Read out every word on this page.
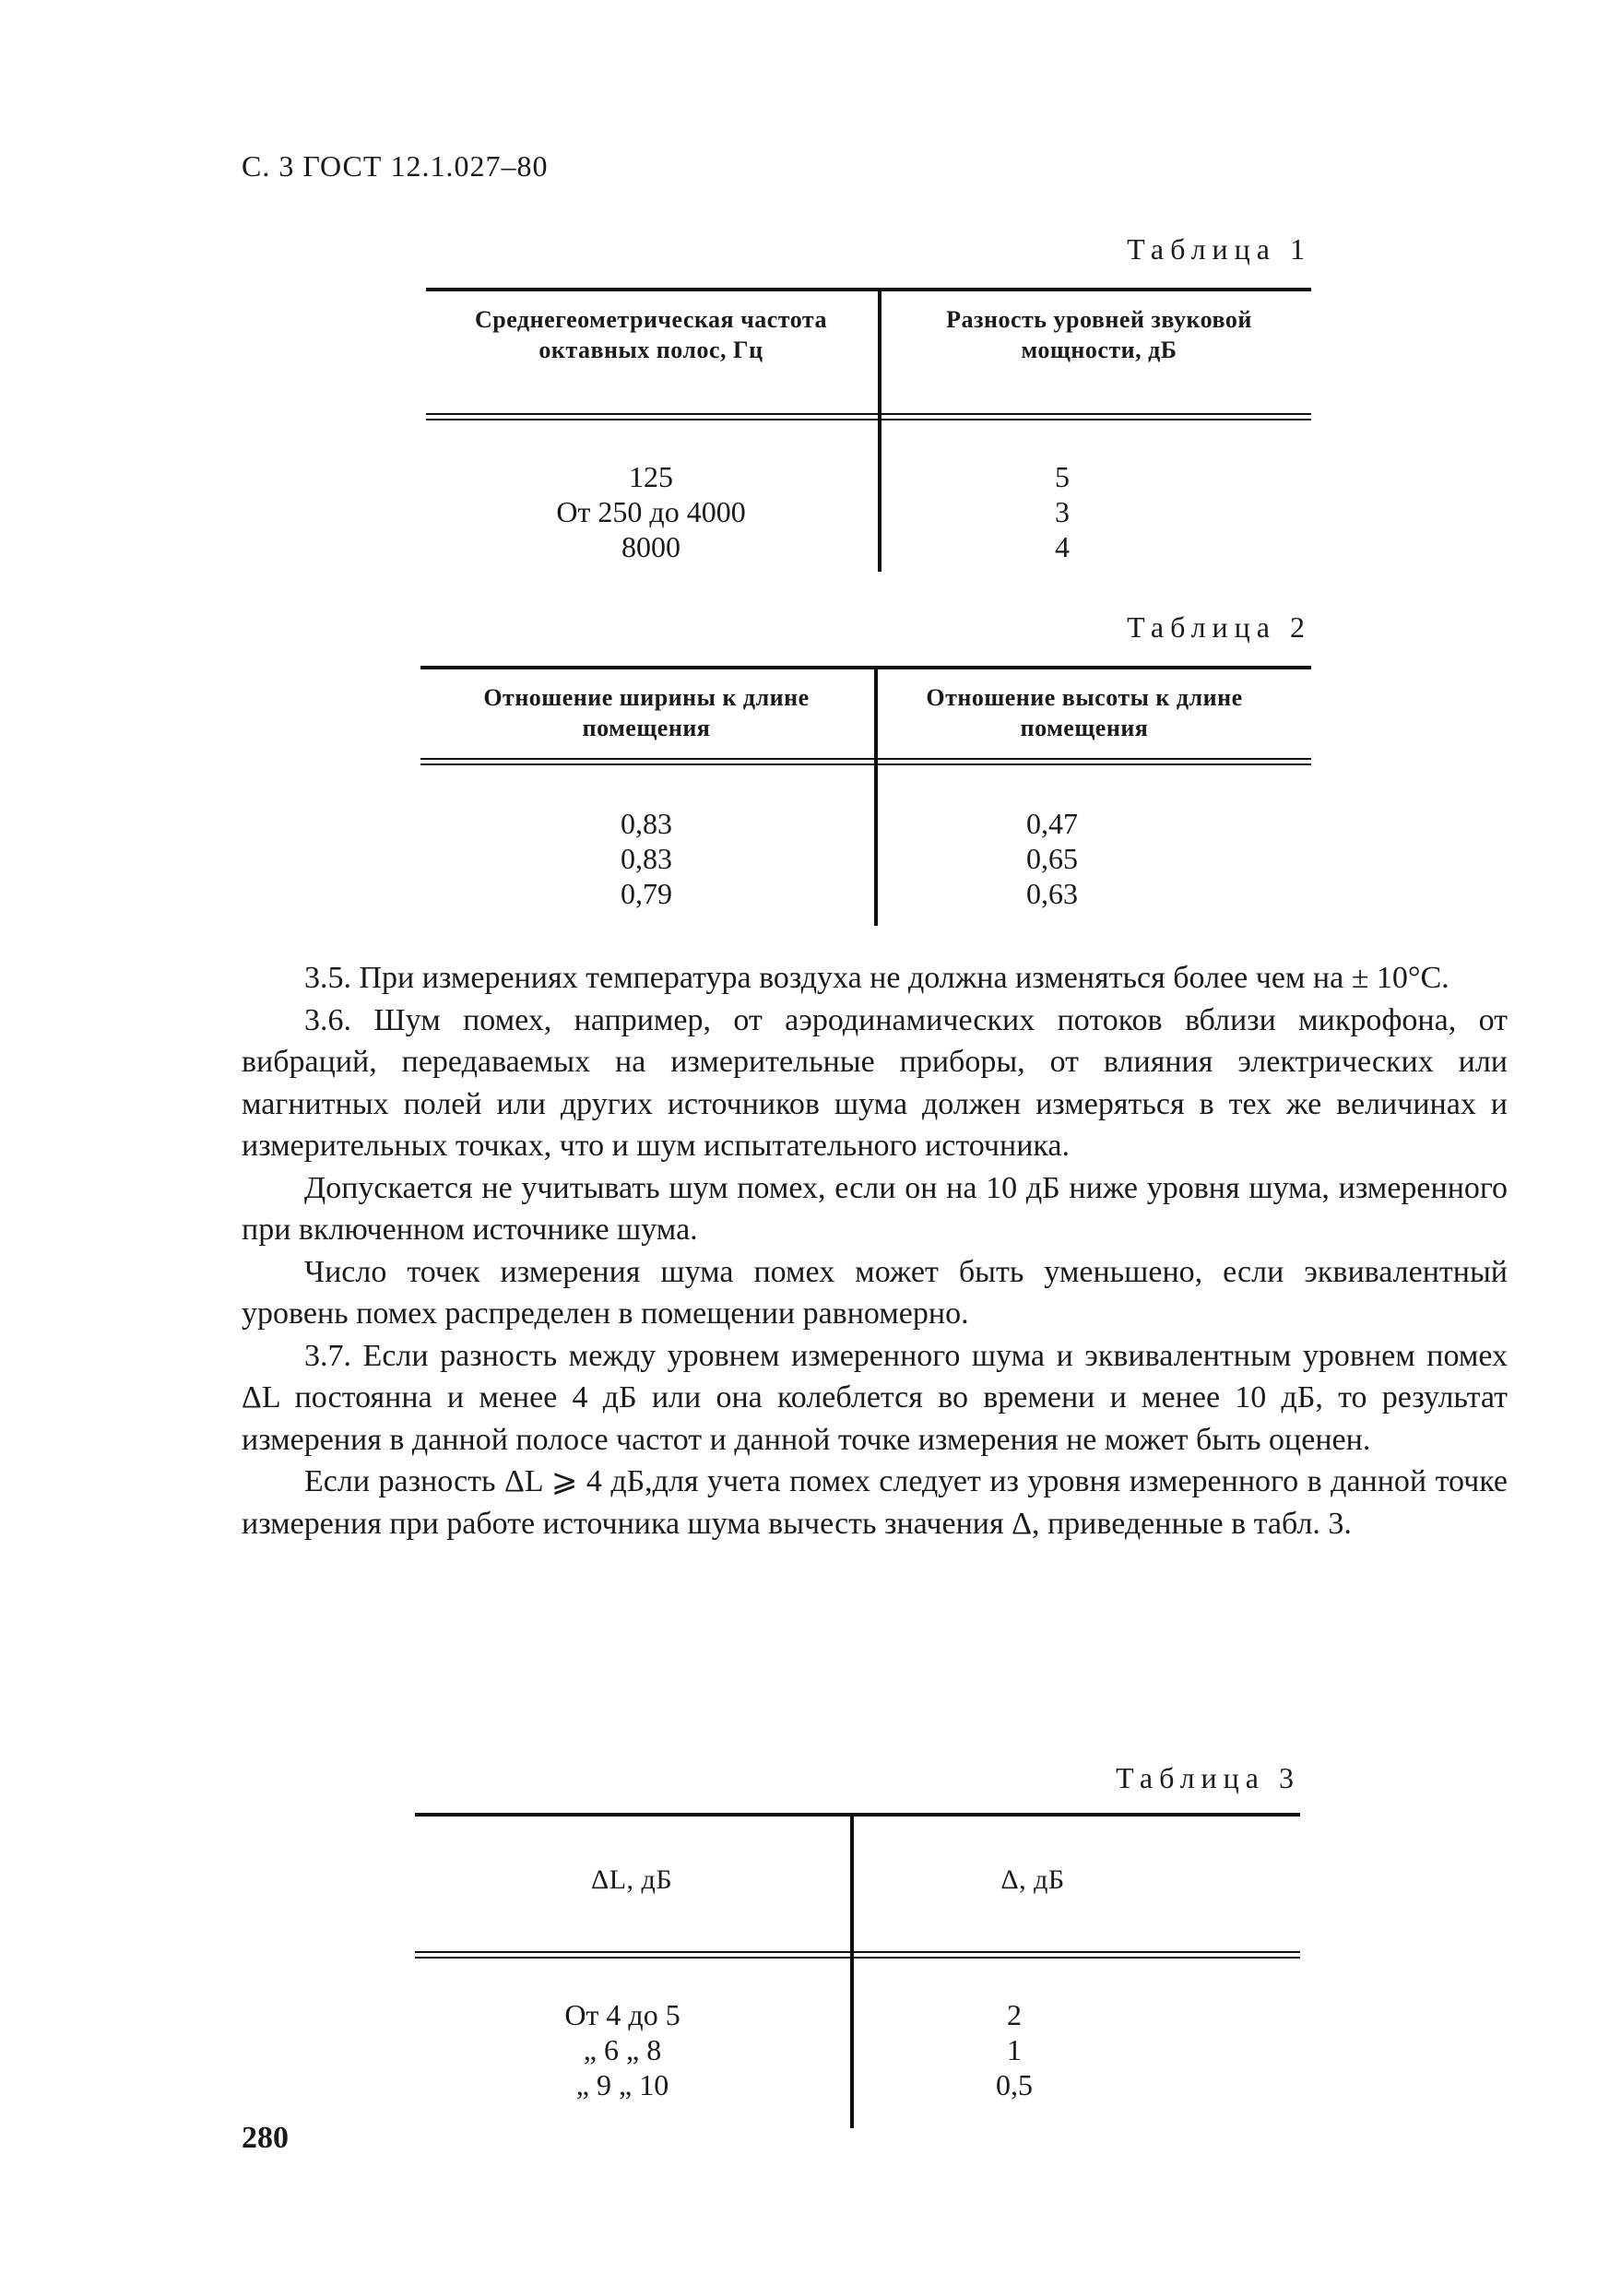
С. 3 ГОСТ 12.1.027–80
Таблица 1
Среднегеометрическая частота октавных полос, Гц
Разность уровней звуковой мощности, дБ
125
От 250 до 4000
8000
5
3
4
Таблица 2
Отношение ширины к длине помещения
Отношение высоты к длине помещения
0,83
0,83
0,79
0,47
0,65
0,63

3.5. При измерениях температура воздуха не должна изменяться более чем на ± 10°С.

3.6. Шум помех, например, от аэродинамических потоков вблизи микрофона, от вибраций, передаваемых на измерительные приборы, от влияния электрических или магнитных полей или других источников шума должен измеряться в тех же величинах и измерительных точках, что и шум испытательного источника.

Допускается не учитывать шум помех, если он на 10 дБ ниже уровня шума, измеренного при включенном источнике шума.

Число точек измерения шума помех может быть уменьшено, если эквивалентный уровень помех распределен в помещении равномерно.

3.7. Если разность между уровнем измеренного шума и эквивалентным уровнем помех ΔL постоянна и менее 4 дБ или она колеблется во времени и менее 10 дБ, то результат измерения в данной полосе частот и данной точке измерения не может быть оценен.

Если разность ΔL ⩾ 4 дБ,для учета помех следует из уровня измеренного в данной точке измерения при работе источника шума вычесть значения Δ, приведенные в табл. 3.

Таблица 3
ΔL, дБ	Δ, дБ
От 4 до 5
„ 6 „ 8
„ 9 „ 10
2
1
0,5
280
